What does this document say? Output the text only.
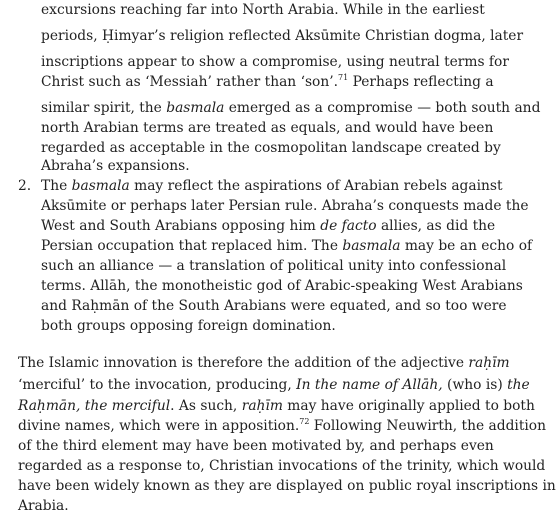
excursions reaching far into North Arabia. While in the earliest
periods, Ḥimyar’s religion reflected Aksūmite Christian dogma, later
inscriptions appear to show a compromise, using neutral terms for
Christ such as ‘Messiah’ rather than ‘son’.$^{71}$ Perhaps reflecting a
similar spirit, the basmala emerged as a compromise — both south and
north Arabian terms are treated as equals, and would have been
regarded as acceptable in the cosmopolitan landscape created by
Abraha’s expansions.
2. The basmala may reflect the aspirations of Arabian rebels against
Aksūmite or perhaps later Persian rule. Abraha’s conquests made the
West and South Arabians opposing him de facto allies, as did the
Persian occupation that replaced him. The basmala may be an echo of
such an alliance — a translation of political unity into confessional
terms. Allāh, the monotheistic god of Arabic-speaking West Arabians
and Raḥmān of the South Arabians were equated, and so too were
both groups opposing foreign domination.
The Islamic innovation is therefore the addition of the adjective raḥīm
‘merciful’ to the invocation, producing, In the name of Allāh, (who is) the
Raḥmān, the merciful. As such, raḥīm may have originally applied to both
divine names, which were in apposition.$^{72}$ Following Neuwirth, the addition
of the third element may have been motivated by, and perhaps even
regarded as a response to, Christian invocations of the trinity, which would
have been widely known as they are displayed on public royal inscriptions in
Arabia.
